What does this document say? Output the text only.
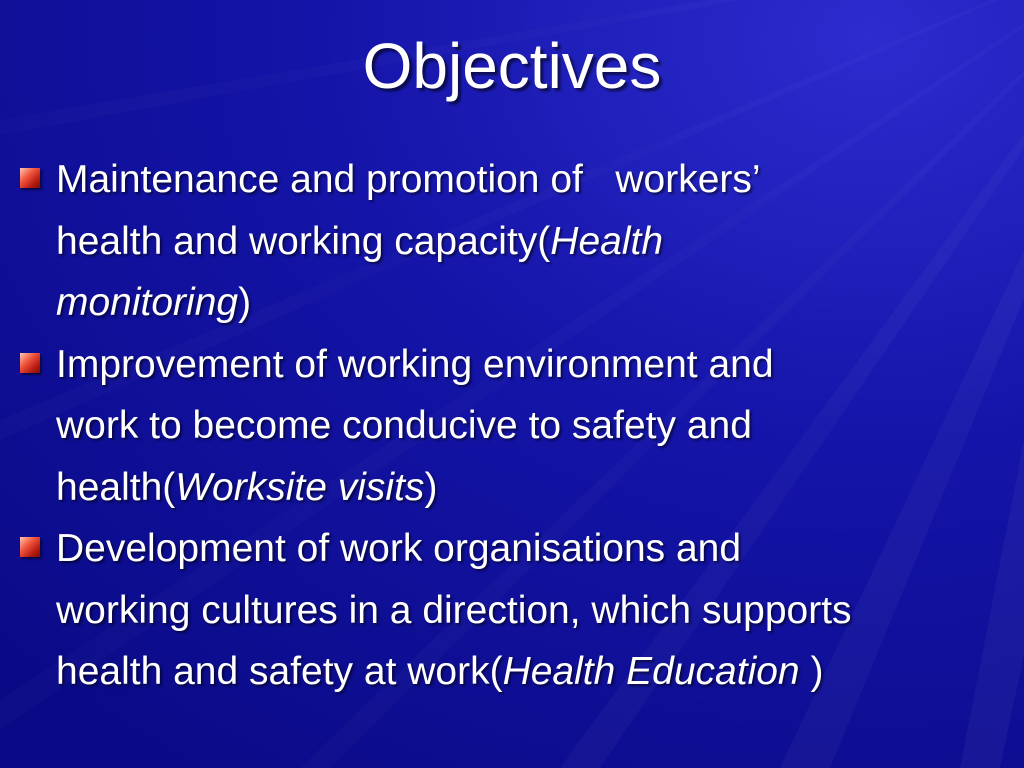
Objectives
Maintenance and promotion of   workers’
health and working capacity(Health
monitoring)
Improvement of working environment and
work to become conducive to safety and
health(Worksite visits)
Development of work organisations and
working cultures in a direction, which supports
health and safety at work(Health Education )
